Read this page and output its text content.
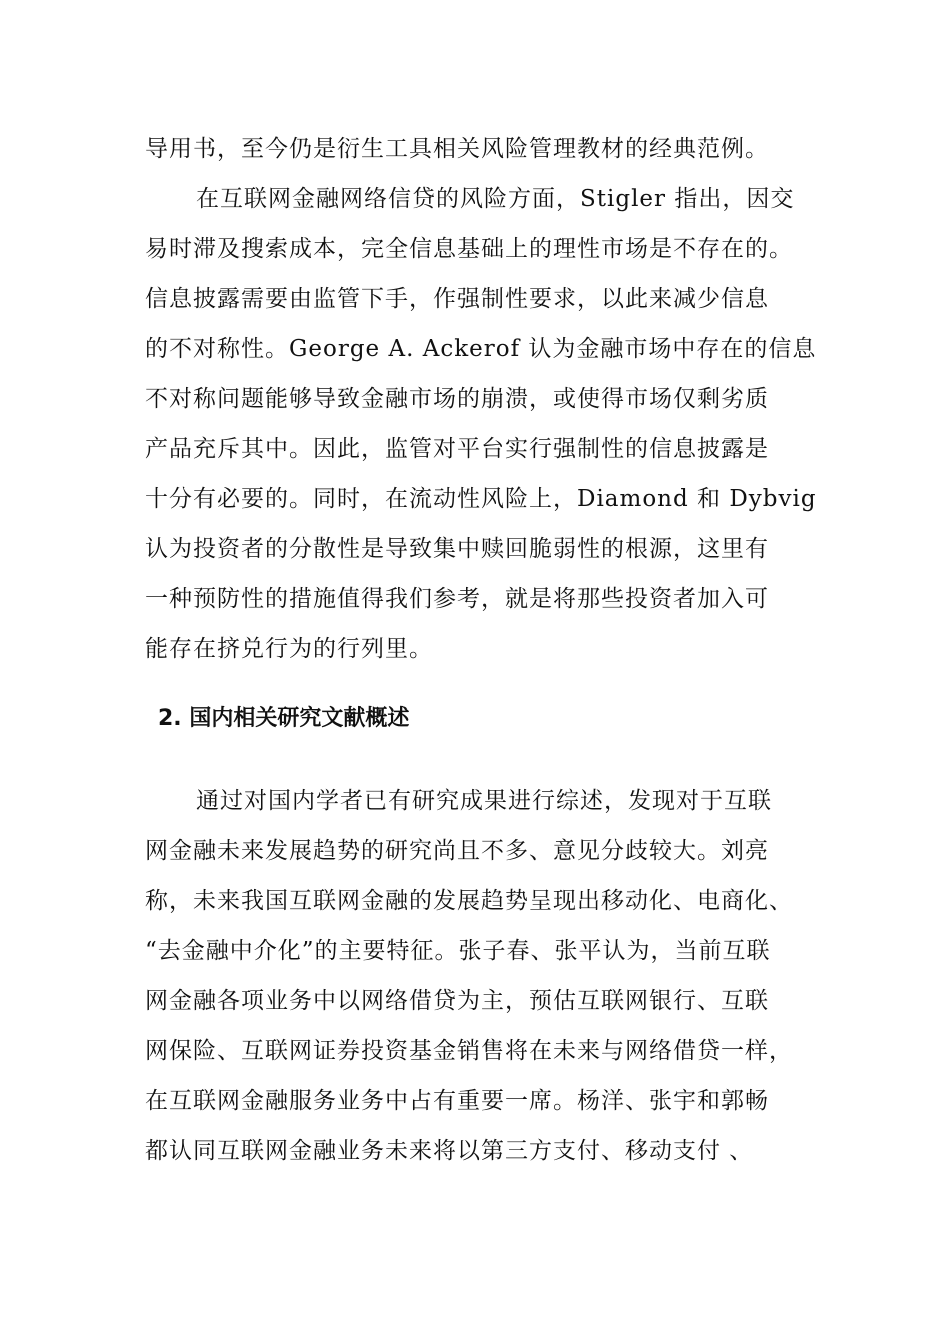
导用书，至今仍是衍生工具相关风险管理教材的经典范例。
在互联网金融网络信贷的风险方面，Stigler 指出，因交
易时滞及搜索成本，完全信息基础上的理性市场是不存在的。
信息披露需要由监管下手，作强制性要求，以此来减少信息
的不对称性。George A. Ackerof 认为金融市场中存在的信息
不对称问题能够导致金融市场的崩溃，或使得市场仅剩劣质
产品充斥其中。因此，监管对平台实行强制性的信息披露是
十分有必要的。同时，在流动性风险上，Diamond 和 Dybvig
认为投资者的分散性是导致集中赎回脆弱性的根源，这里有
一种预防性的措施值得我们参考，就是将那些投资者加入可
能存在挤兑行为的行列里。
2. 国内相关研究文献概述
通过对国内学者已有研究成果进行综述，发现对于互联
网金融未来发展趋势的研究尚且不多、意见分歧较大。刘亮
称，未来我国互联网金融的发展趋势呈现出移动化、电商化、
“去金融中介化”的主要特征。张子春、张平认为，当前互联
网金融各项业务中以网络借贷为主，预估互联网银行、互联
网保险、互联网证券投资基金销售将在未来与网络借贷一样，
在互联网金融服务业务中占有重要一席。杨洋、张宇和郭畅
都认同互联网金融业务未来将以第三方支付、移动支付 、
